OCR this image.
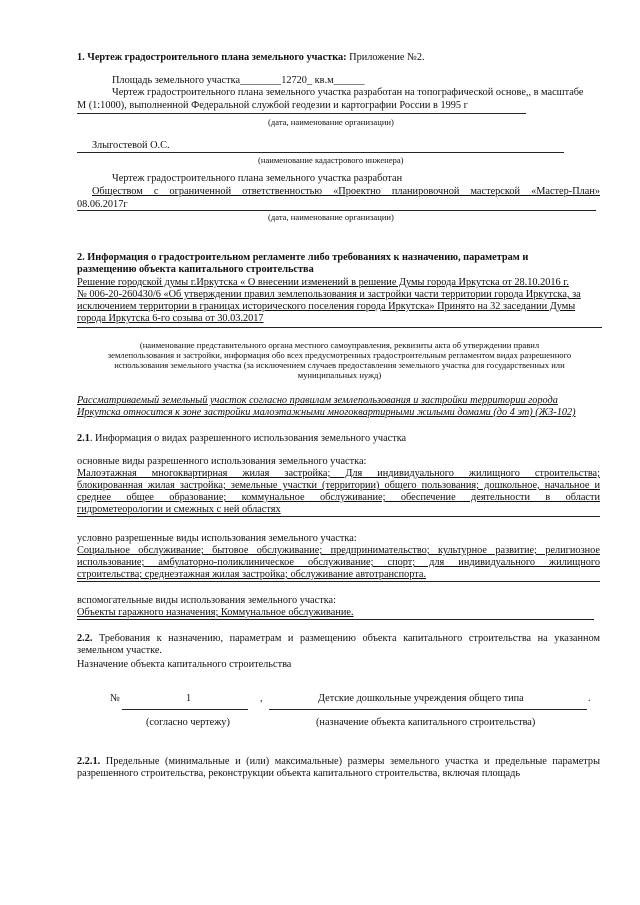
1. Чертеж градостроительного плана земельного участка: Приложение №2.
Площадь земельного участка________12720_ кв.м______
Чертеж градостроительного плана земельного участка разработан на топографической основе,, в масштабе
М (1:1000), выполненной Федеральной службой геодезии и картографии России в 1995 г
(дата, наименование организации)
Злыгостевой О.С.
(наименование кадастрового инженера)
Чертеж градостроительного плана земельного участка разработан
Обществом с ограниченной ответственностью «Проектно планировочной мастерской «Мастер-План»
08.06.2017г
(дата, наименование организации)
2. Информация о градостроительном регламенте либо требованиях к назначению, параметрам и
размещению объекта капитального строительства
Решение городской думы г.Иркутска « О внесении изменений в решение Думы города Иркутска от 28.10.2016 г.
№ 006-20-260430/6 «Об утверждении правил землепользования и застройки части территории города Иркутска, за
исключением территории в границах исторического поселения города Иркутска» Принято на 32 заседании Думы
города Иркутска 6-го созыва от 30.03.2017
(наименование представительного органа местного самоуправления, реквизиты акта об утверждении правил
землепользования и застройки, информация обо всех предусмотренных градостроительным регламентом видах разрешенного
использования земельного участка (за исключением случаев предоставления земельного участка для государственных или
муниципальных нужд)
Рассматриваемый земельный участок согласно правилам землепользования и застройки территории города
Иркутска относится к зоне застройки малоэтажными многоквартирными жилыми домами (до 4 эт) (ЖЗ-102)
2.1. Информация о видах разрешенного использования земельного участка
основные виды разрешенного использования земельного участка:
Малоэтажная многоквартирная жилая застройка; Для индивидуального жилищного строительства;
блокированная жилая застройка; земельные участки (территории) общего пользования; дошкольное, начальное и
среднее общее образование; коммунальное обслуживание; обеспечение деятельности в области
гидрометеорологии и смежных с ней областях
условно разрешенные виды использования земельного участка:
Социальное обслуживание; бытовое обслуживание; предпринимательство; культурное развитие; религиозное
использование; амбулаторно-поликлиническое обслуживание; спорт; для индивидуального жилищного
строительства; среднеэтажная жилая застройка; обслуживание автотранспорта.
вспомогательные виды использования земельного участка:
Объекты гаражного назначения; Коммунальное обслуживание.
2.2. Требования к назначению, параметрам и размещению объекта капитального строительства на указанном
земельном участке.
Назначение объекта капитального строительства
№	1	,	Детские дошкольные учреждения общего типа	.
(согласно чертежу)	(назначение объекта капитального строительства)
2.2.1. Предельные (минимальные и (или) максимальные) размеры земельного участка и предельные параметры
разрешенного строительства, реконструкции объекта капитального строительства, включая площадь
